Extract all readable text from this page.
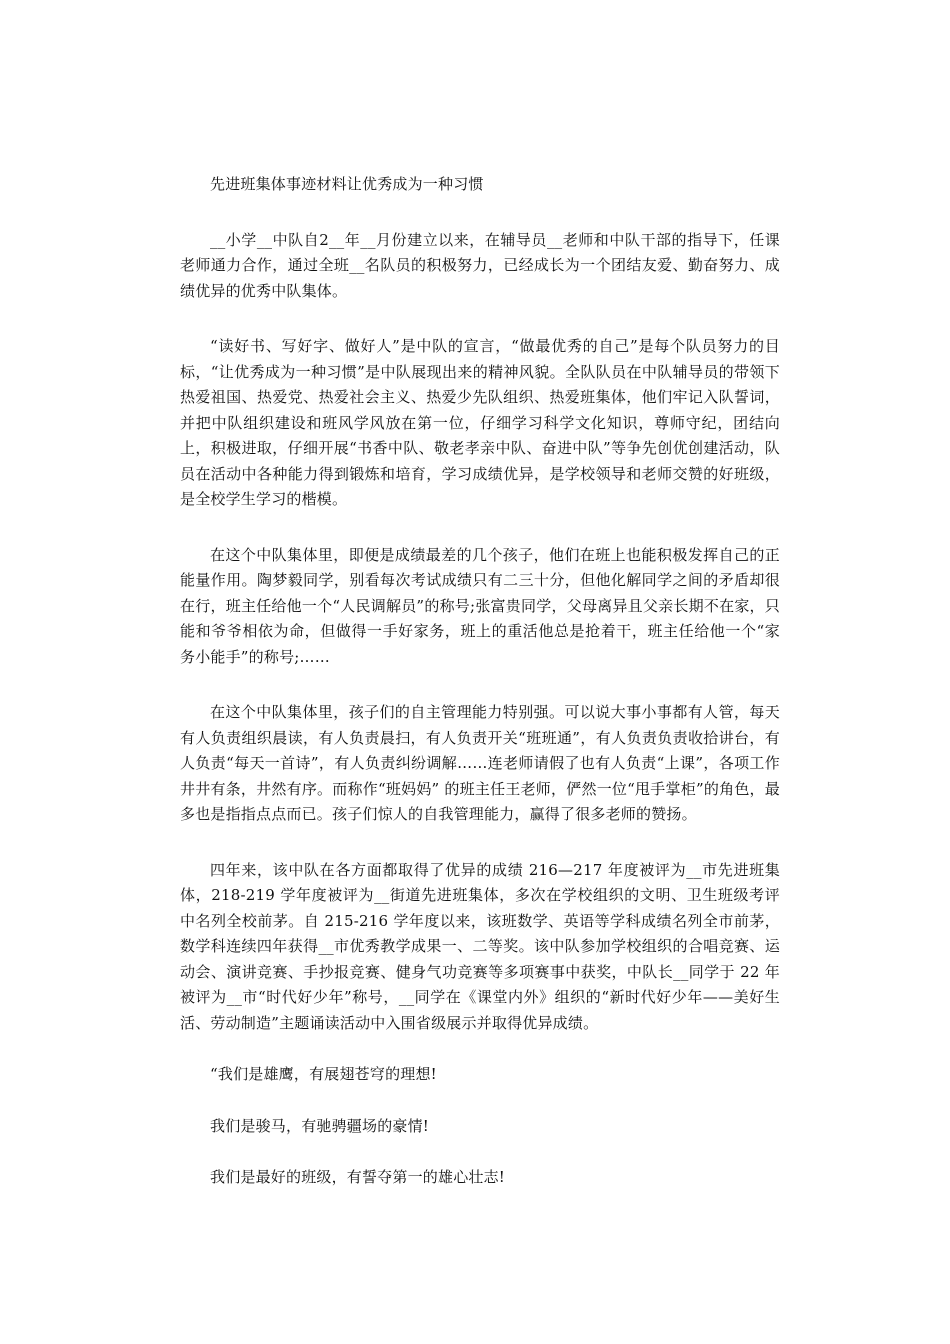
先进班集体事迹材料让优秀成为一种习惯

__小学__中队自2__年__月份建立以来，在辅导员__老师和中队干部的指导下，任课老师通力合作，通过全班__名队员的积极努力，已经成长为一个团结友爱、勤奋努力、成绩优异的优秀中队集体。

“读好书、写好字、做好人”是中队的宣言，“做最优秀的自己”是每个队员努力的目标，“让优秀成为一种习惯”是中队展现出来的精神风貌。全队队员在中队辅导员的带领下热爱祖国、热爱党、热爱社会主义、热爱少先队组织、热爱班集体，他们牢记入队誓词，并把中队组织建设和班风学风放在第一位，仔细学习科学文化知识，尊师守纪，团结向上，积极进取，仔细开展“书香中队、敬老孝亲中队、奋进中队”等争先创优创建活动，队员在活动中各种能力得到锻炼和培育，学习成绩优异，是学校领导和老师交赞的好班级，是全校学生学习的楷模。

在这个中队集体里，即便是成绩最差的几个孩子，他们在班上也能积极发挥自己的正能量作用。陶梦毅同学，别看每次考试成绩只有二三十分，但他化解同学之间的矛盾却很在行，班主任给他一个“人民调解员”的称号;张富贵同学，父母离异且父亲长期不在家，只能和爷爷相依为命，但做得一手好家务，班上的重活他总是抢着干，班主任给他一个“家务小能手”的称号;……

在这个中队集体里，孩子们的自主管理能力特别强。可以说大事小事都有人管，每天有人负责组织晨读，有人负责晨扫，有人负责开关“班班通”，有人负责负责收拾讲台，有人负责“每天一首诗”，有人负责纠纷调解……连老师请假了也有人负责“上课”，各项工作井井有条，井然有序。而称作“班妈妈” 的班主任王老师，俨然一位“甩手掌柜”的角色，最多也是指指点点而已。孩子们惊人的自我管理能力，赢得了很多老师的赞扬。

四年来，该中队在各方面都取得了优异的成绩 216—217 年度被评为__市先进班集体，218-219 学年度被评为__街道先进班集体，多次在学校组织的文明、卫生班级考评中名列全校前茅。自 215-216 学年度以来，该班数学、英语等学科成绩名列全市前茅，数学科连续四年获得__市优秀教学成果一、二等奖。该中队参加学校组织的合唱竞赛、运动会、演讲竞赛、手抄报竞赛、健身气功竞赛等多项赛事中获奖，中队长__同学于 22 年被评为__市“时代好少年”称号，__同学在《课堂内外》组织的“新时代好少年——美好生活、劳动制造”主题诵读活动中入围省级展示并取得优异成绩。

“我们是雄鹰，有展翅苍穹的理想!

我们是骏马，有驰骋疆场的豪情!

我们是最好的班级，有誓夺第一的雄心壮志!
